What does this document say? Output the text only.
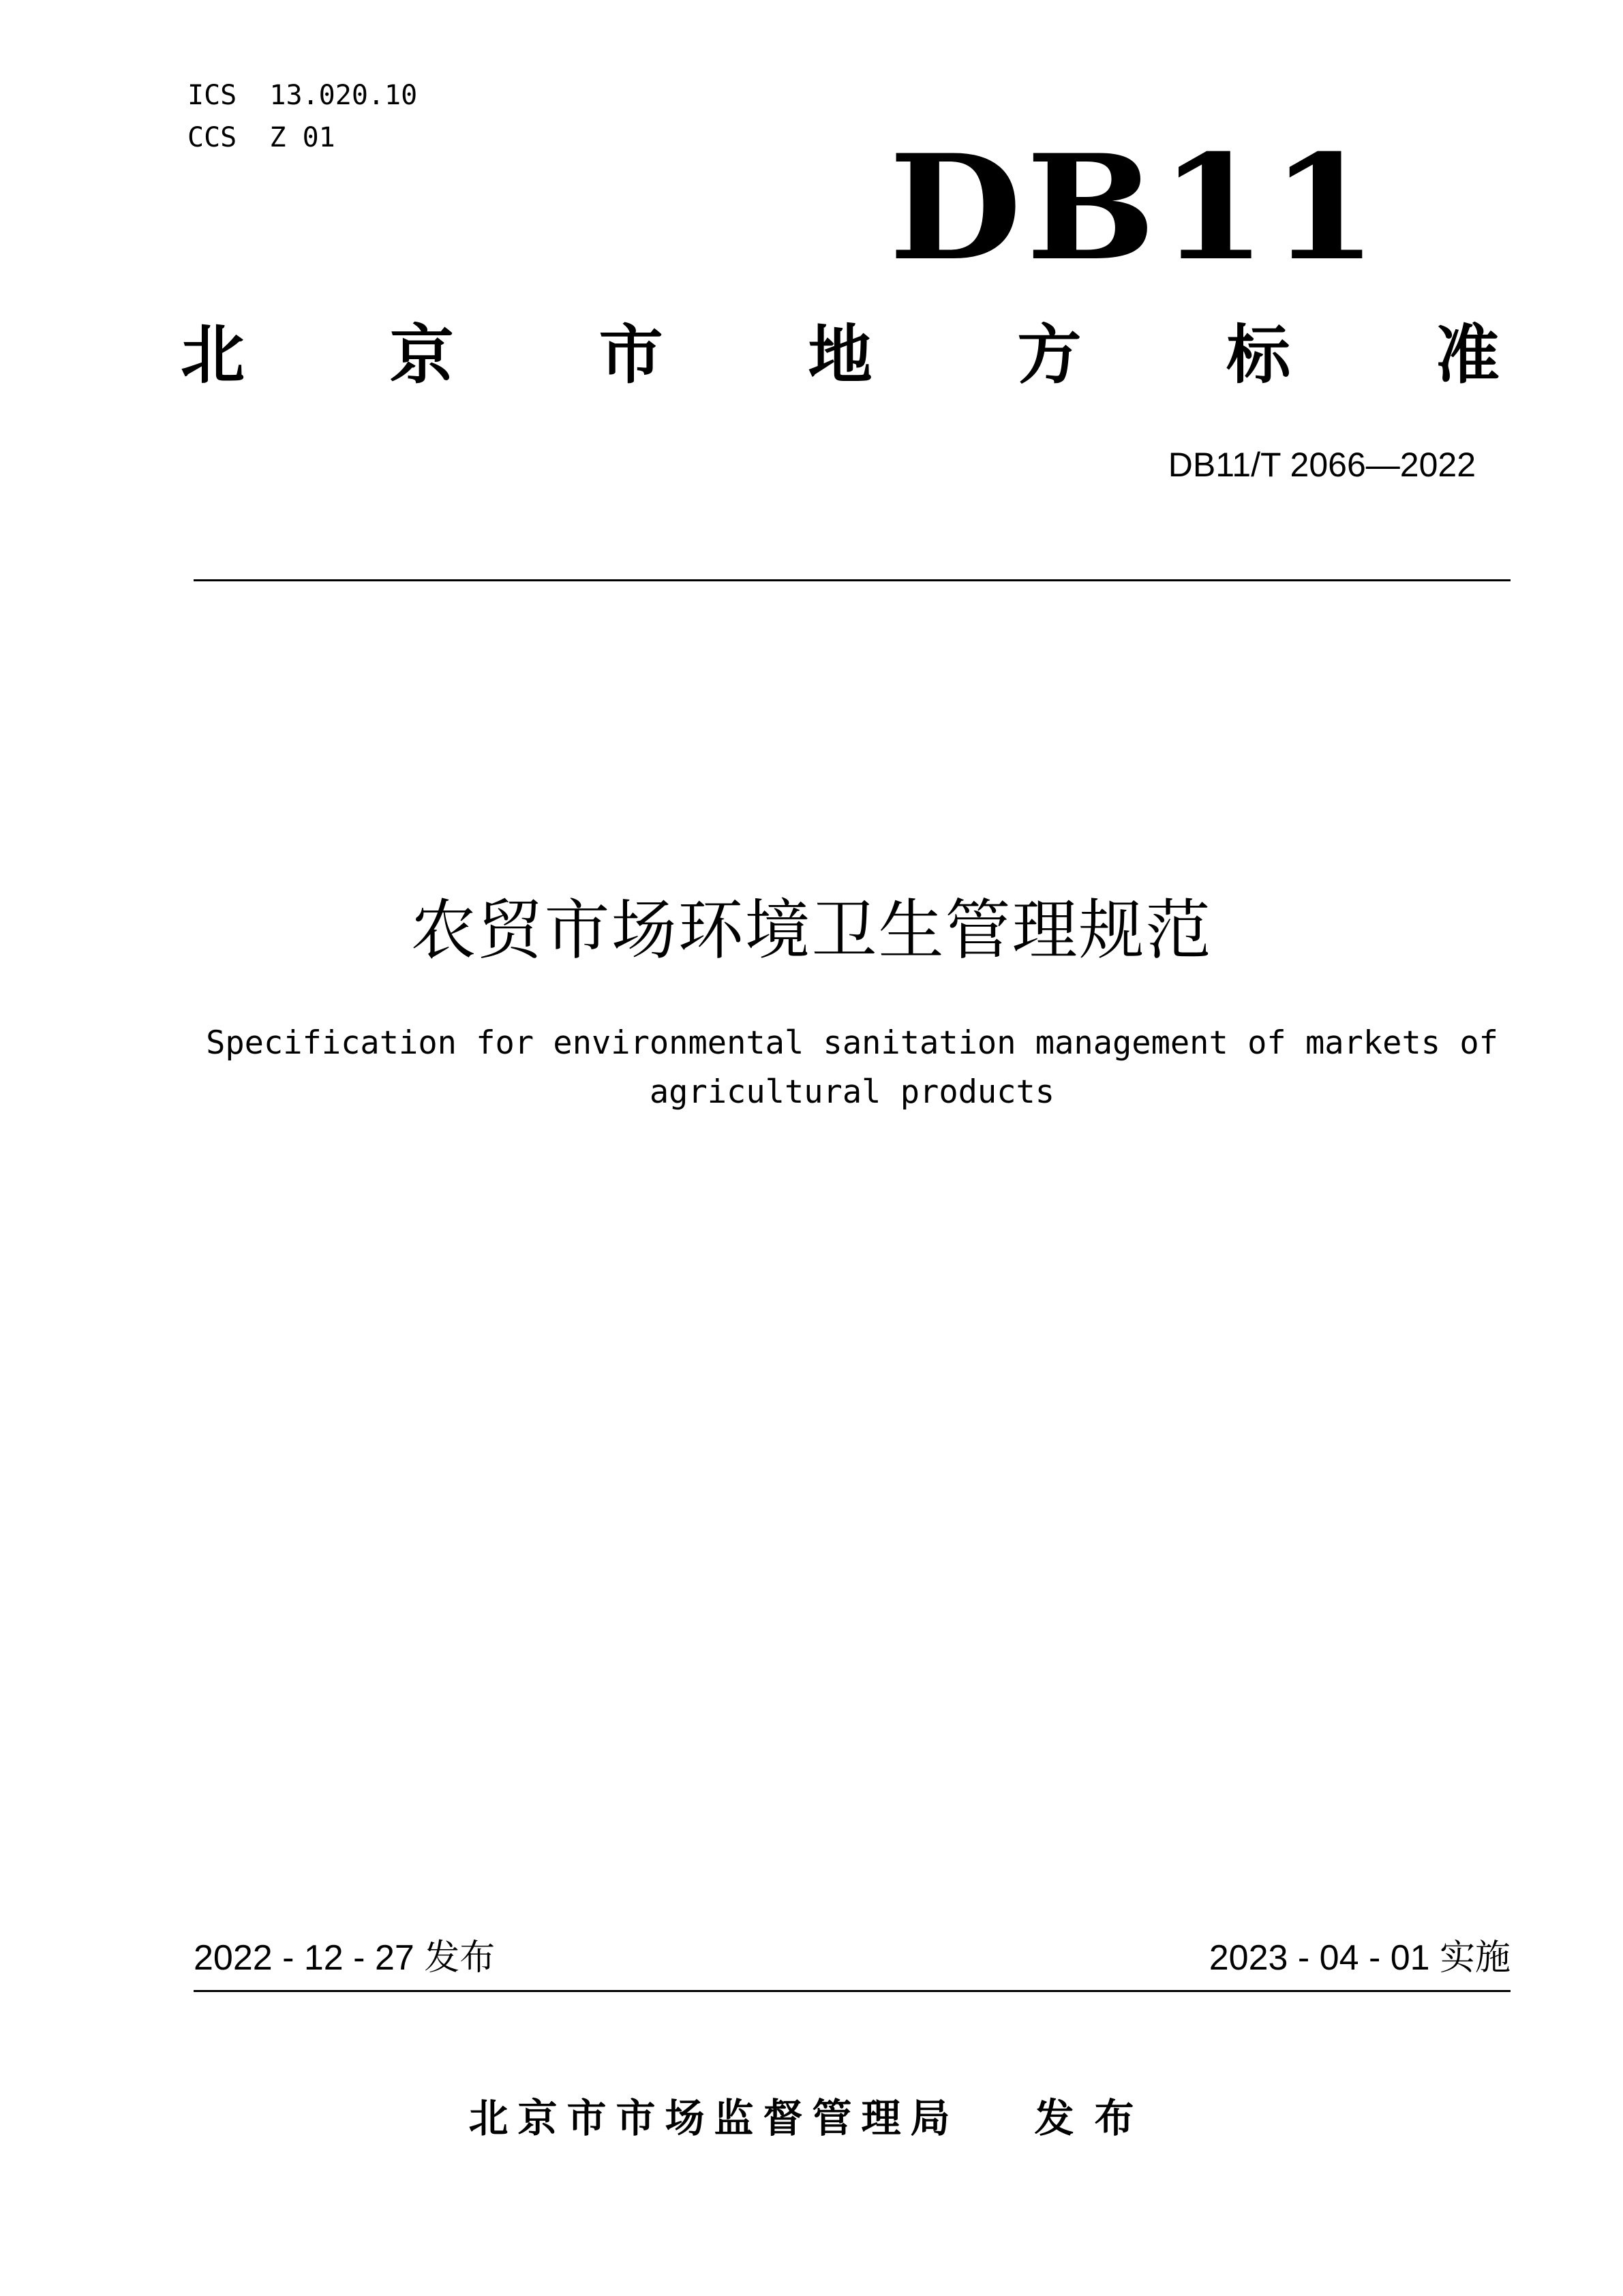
ICS  13.020.10
CCS  Z 01	DB11
北 京 市 地 方 标 准
DB11/T 2066—2022
农贸市场环境卫生管理规范
Specification for environmental sanitation management of markets of agricultural products
2022 - 12 - 27 发布	2023 - 04 - 01 实施
北京市市场监督管理局 发布
